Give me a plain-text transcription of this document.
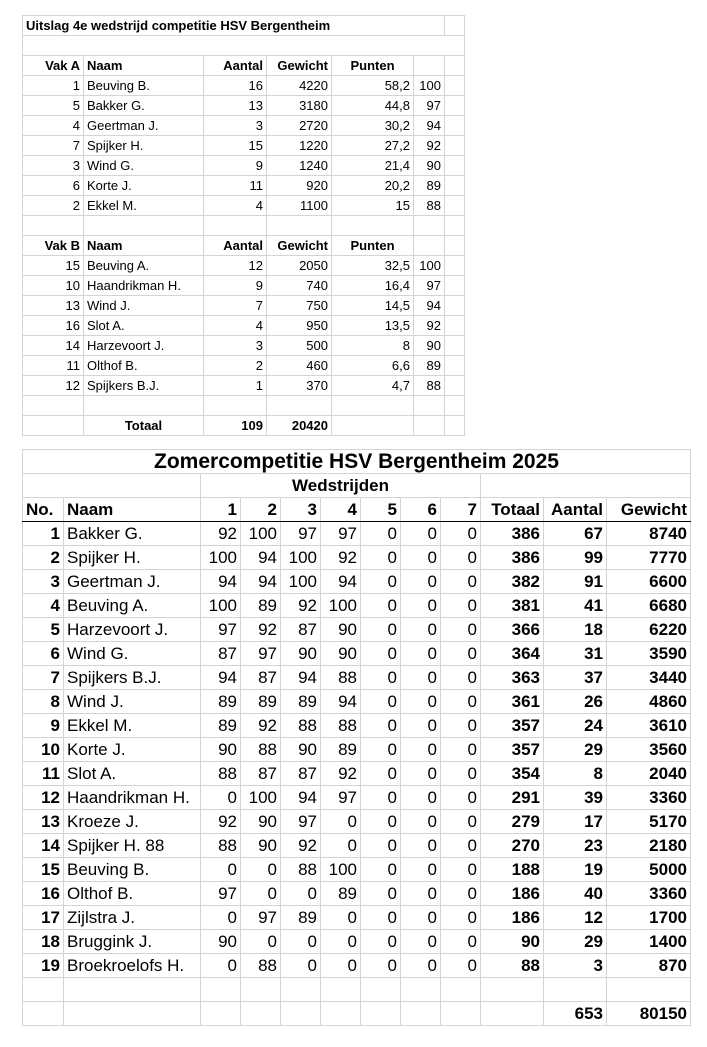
Uitslag 4e wedstrijd competitie HSV Bergentheim						

Vak A	Naam	Aantal	Gewicht	Punten		
1	Beuving B.	16	4220	58,2	100	
5	Bakker G.	13	3180	44,8	97	
4	Geertman J.	3	2720	30,2	94	
7	Spijker H.	15	1220	27,2	92	
3	Wind G.	9	1240	21,4	90	
6	Korte J.	11	920	20,2	89	
2	Ekkel M.	4	1100	15	88	

Vak B	Naam	Aantal	Gewicht	Punten		
15	Beuving A.	12	2050	32,5	100	
10	Haandrikman H.	9	740	16,4	97	
13	Wind J.	7	750	14,5	94	
16	Slot A.	4	950	13,5	92	
14	Harzevoort J.	3	500	8	90	
11	Olthof B.	2	460	6,6	89	
12	Spijkers B.J.	1	370	4,7	88	

	Totaal	109	20420			
Zomercompetitie HSV Bergentheim 2025											
		Wedstrijden									
No.	Naam	1	2	3	4	5	6	7	Totaal	Aantal	Gewicht
1	Bakker G.	92	100	97	97	0	0	0	386	67	8740
2	Spijker H.	100	94	100	92	0	0	0	386	99	7770
3	Geertman J.	94	94	100	94	0	0	0	382	91	6600
4	Beuving A.	100	89	92	100	0	0	0	381	41	6680
5	Harzevoort J.	97	92	87	90	0	0	0	366	18	6220
6	Wind G.	87	97	90	90	0	0	0	364	31	3590
7	Spijkers B.J.	94	87	94	88	0	0	0	363	37	3440
8	Wind J.	89	89	89	94	0	0	0	361	26	4860
9	Ekkel M.	89	92	88	88	0	0	0	357	24	3610
10	Korte J.	90	88	90	89	0	0	0	357	29	3560
11	Slot A.	88	87	87	92	0	0	0	354	8	2040
12	Haandrikman H.	0	100	94	97	0	0	0	291	39	3360
13	Kroeze J.	92	90	97	0	0	0	0	279	17	5170
14	Spijker H. 88	88	90	92	0	0	0	0	270	23	2180
15	Beuving B.	0	0	88	100	0	0	0	188	19	5000
16	Olthof B.	97	0	0	89	0	0	0	186	40	3360
17	Zijlstra J.	0	97	89	0	0	0	0	186	12	1700
18	Bruggink J.	90	0	0	0	0	0	0	90	29	1400
19	Broekroelofs H.	0	88	0	0	0	0	0	88	3	870

										653	80150
